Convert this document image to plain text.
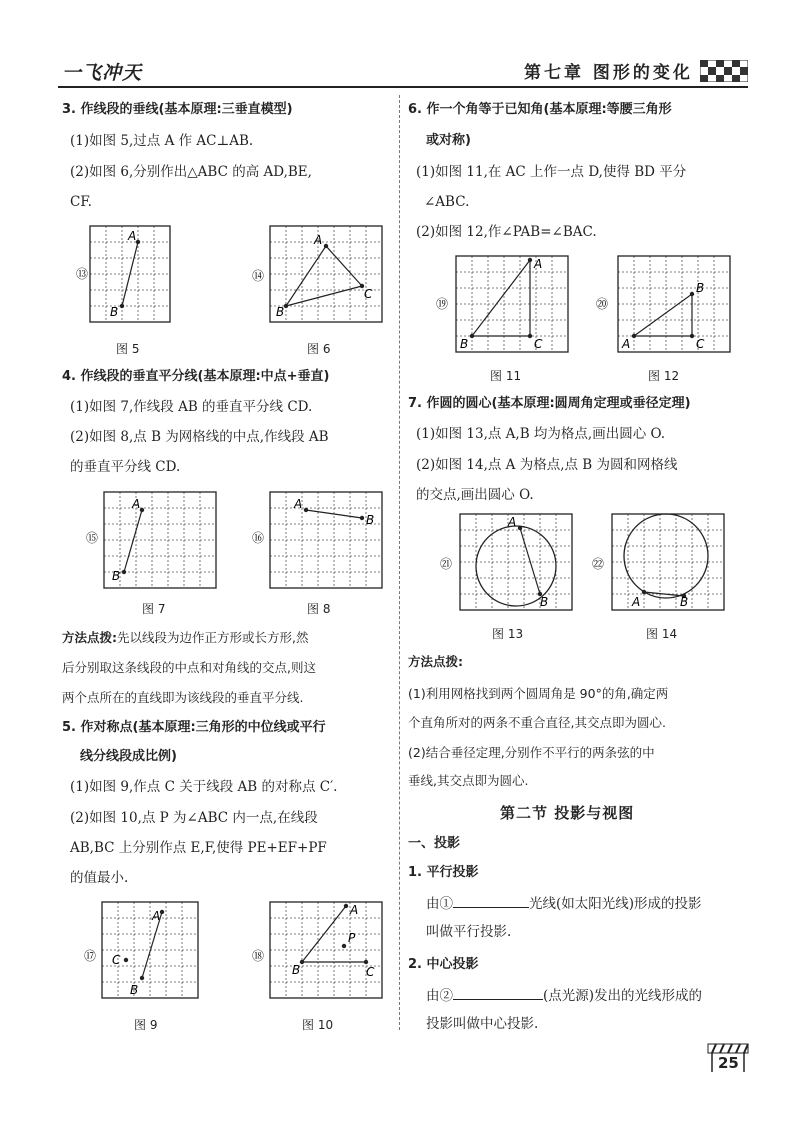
一飞冲天	第七章 图形的变化
3. 作线段的垂线(基本原理:三垂直模型)
(1)如图 5,过点 A 作 AC⊥AB.
(2)如图 6,分别作出△ABC 的高 AD,BE,
CF.
A
B
⑬
图 5
A
B
C
⑭
图 6
4. 作线段的垂直平分线(基本原理:中点+垂直)
(1)如图 7,作线段 AB 的垂直平分线 CD.
(2)如图 8,点 B 为网格线的中点,作线段 AB
的垂直平分线 CD.
A
B
⑮
图 7
A
B
⑯
图 8
方法点拨:先以线段为边作正方形或长方形,然
后分别取这条线段的中点和对角线的交点,则这
两个点所在的直线即为该线段的垂直平分线.
5. 作对称点(基本原理:三角形的中位线或平行
线分线段成比例)
(1)如图 9,作点 C 关于线段 AB 的对称点 C′.
(2)如图 10,点 P 为∠ABC 内一点,在线段
AB,BC 上分别作点 E,F,使得 PE+EF+PF
的值最小.
A
B
C
⑰
图 9
A
B	C
P
⑱
图 10
6. 作一个角等于已知角(基本原理:等腰三角形
或对称)
(1)如图 11,在 AC 上作一点 D,使得 BD 平分
∠ABC.
(2)如图 12,作∠PAB=∠BAC.
A
B	C
⑲
图 11
A
B
C
⑳
图 12
7. 作圆的圆心(基本原理:圆周角定理或垂径定理)
(1)如图 13,点 A,B 均为格点,画出圆心 O.
(2)如图 14,点 A 为格点,点 B 为圆和网格线
的交点,画出圆心 O.
A
B
㉑
图 13
A	B
㉒
图 14
方法点拨:
(1)利用网格找到两个圆周角是 90°的角,确定两
个直角所对的两条不重合直径,其交点即为圆心.
(2)结合垂径定理,分别作不平行的两条弦的中
垂线,其交点即为圆心.
第二节 投影与视图
一、投影
1. 平行投影
由①	光线(如太阳光线)形成的投影
叫做平行投影.
2. 中心投影
由②	(点光源)发出的光线形成的
投影叫做中心投影.
25
